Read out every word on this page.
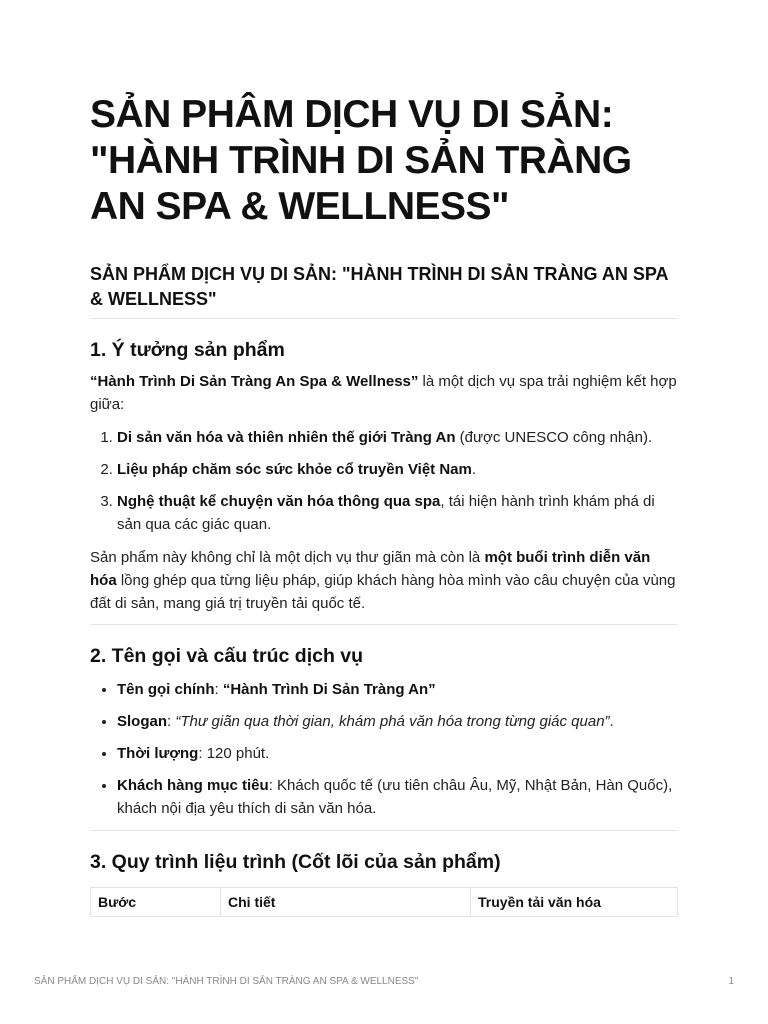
SẢN PHÂM DỊCH VỤ DI SẢN: "HÀNH TRÌNH DI SẢN TRÀNG AN SPA & WELLNESS"
SẢN PHẨM DỊCH VỤ DI SẢN: "HÀNH TRÌNH DI SẢN TRÀNG AN SPA & WELLNESS"
1. Ý tưởng sản phẩm

“Hành Trình Di Sản Tràng An Spa & Wellness” là một dịch vụ spa trải nghiệm kết hợp giữa:

1. Di sản văn hóa và thiên nhiên thế giới Tràng An (được UNESCO công nhận).
2. Liệu pháp chăm sóc sức khỏe cổ truyền Việt Nam.
3. Nghệ thuật kể chuyện văn hóa thông qua spa, tái hiện hành trình khám phá di sản qua các giác quan.

Sản phẩm này không chỉ là một dịch vụ thư giãn mà còn là một buổi trình diễn văn hóa lồng ghép qua từng liệu pháp, giúp khách hàng hòa mình vào câu chuyện của vùng đất di sản, mang giá trị truyền tải quốc tế.

2. Tên gọi và cấu trúc dịch vụ
• Tên gọi chính: “Hành Trình Di Sản Tràng An”
• Slogan: “Thư giãn qua thời gian, khám phá văn hóa trong từng giác quan”.
• Thời lượng: 120 phút.
• Khách hàng mục tiêu: Khách quốc tế (ưu tiên châu Âu, Mỹ, Nhật Bản, Hàn Quốc), khách nội địa yêu thích di sản văn hóa.
3. Quy trình liệu trình (Cốt lõi của sản phẩm)
Bước	Chi tiết	Truyền tải văn hóa
SẢN PHẨM DỊCH VỤ DI SẢN: "HÀNH TRÌNH DI SẢN TRÀNG AN SPA & WELLNESS"	1
